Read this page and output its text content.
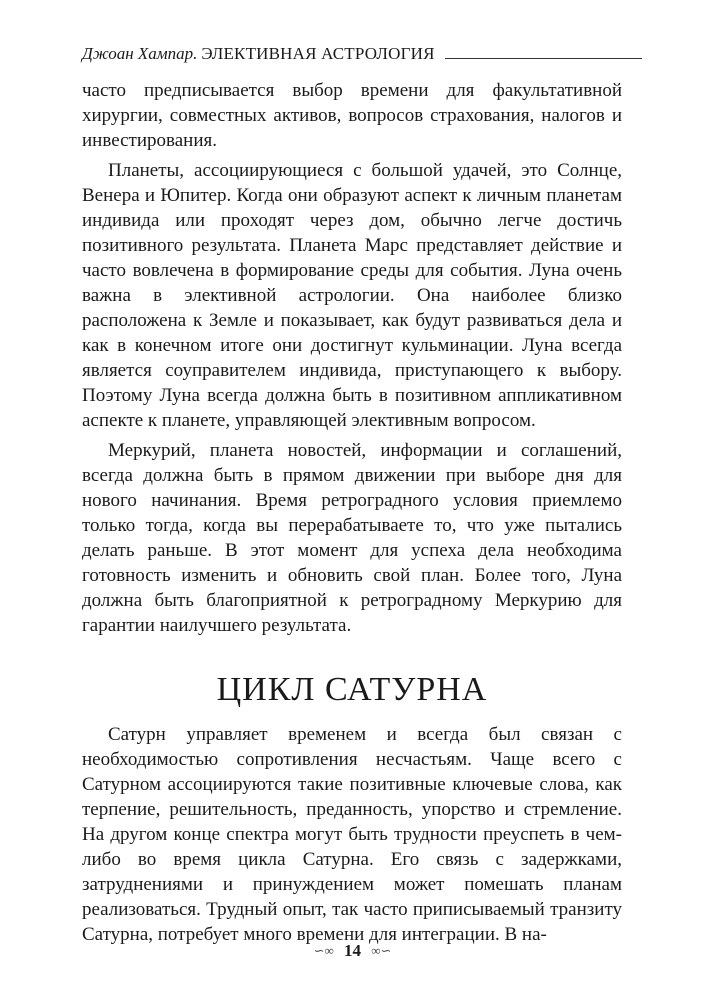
Джоан Хампар. ЭЛЕКТИВНАЯ АСТРОЛОГИЯ

часто предписывается выбор времени для факультативной хирургии, совместных активов, вопросов страхования, налогов и инвестирования.

Планеты, ассоциирующиеся с большой удачей, это Солнце, Венера и Юпитер. Когда они образуют аспект к личным планетам индивида или проходят через дом, обычно легче достичь позитивного результата. Планета Марс представляет действие и часто вовлечена в формирование среды для события. Луна очень важна в элективной астрологии. Она наиболее близко расположена к Земле и показывает, как будут развиваться дела и как в конечном итоге они достигнут кульминации. Луна всегда является соуправителем индивида, приступающего к выбору. Поэтому Луна всегда должна быть в позитивном аппликативном аспекте к планете, управляющей элективным вопросом.

Меркурий, планета новостей, информации и соглашений, всегда должна быть в прямом движении при выборе дня для нового начинания. Время ретроградного условия приемлемо только тогда, когда вы перерабатываете то, что уже пытались делать раньше. В этот момент для успеха дела необходима готовность изменить и обновить свой план. Более того, Луна должна быть благоприятной к ретроградному Меркурию для гарантии наилучшего результата.

ЦИКЛ САТУРНА

Сатурн управляет временем и всегда был связан с необходимостью сопротивления несчастьям. Чаще всего с Сатурном ассоциируются такие позитивные ключевые слова, как терпение, решительность, преданность, упорство и стремление. На другом конце спектра могут быть трудности преуспеть в чем-либо во время цикла Сатурна. Его связь с задержками, затруднениями и принуждением может помешать планам реализоваться. Трудный опыт, так часто приписываемый транзиту Сатурна, потребует много времени для интеграции. В на-

∽∞ 14 ∞∽
